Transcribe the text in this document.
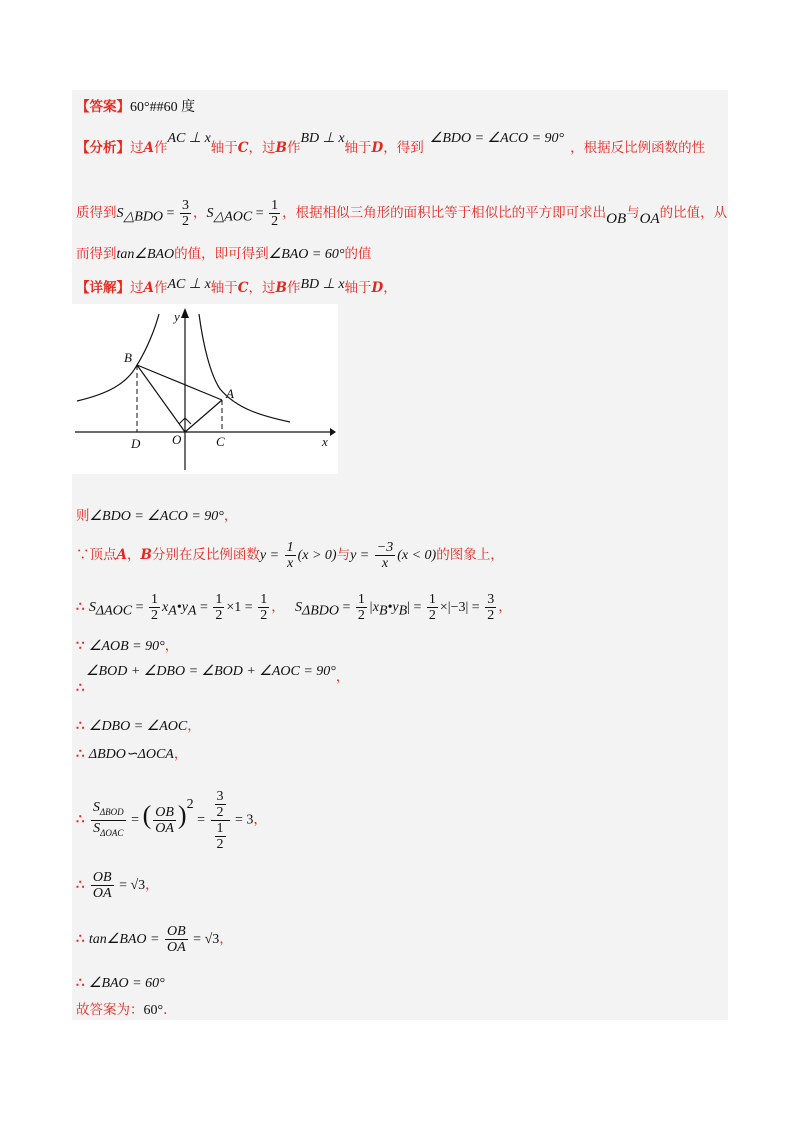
【答案】60°##60 度
【分析】过A作AC ⊥ x轴于C，过B作BD ⊥ x轴于D，得到∠BDO = ∠ACO = 90°，根据反比例函数的性
质得到$S_{\triangle BDO} = \frac{3}{2}$ ，$S_{\triangle AOC} = \frac{1}{2}$ ，根据相似三角形的面积比等于相似比的平方即可求出OB与OA的比值，从
而得到tan∠BAO的值，即可得到∠BAO = 60°的值
【详解】过A作AC ⊥ x轴于C，过B作BD ⊥ x轴于D，
y
x
B
A
D O	C
则∠BDO = ∠ACO = 90°，
∵顶点A，B分别在反比例函数$y = \frac{1}{x} (x > 0)$与$y = \frac{-3}{x} (x < 0)$的图象上，
∴ $S_{\Delta AOC} = \frac{1}{2}$ $x_A•y_A = \frac{1}{2} \times 1 = \frac{1}{2}$ ， $S_{\Delta BDO} = \frac{1}{2}$ $|x_B•y_B| = \frac{1}{2} \times|-3| = \frac{3}{2}$ ，
∵ ∠AOB = 90°，
∠BOD + ∠DBO = ∠BOD + ∠AOC = 90°，
∴
∴ ∠DBO = ∠AOC，
∴ ΔBDO∽ΔOCA，
∴ $\frac{S_{\Delta BOD}}{S_{\Delta OAC}}$ = ( $\frac{OB}{OA} )^2 = \frac{\frac{3}{2}}{\frac{1}{2}} = 3$，
∴ $\frac{OB}{OA} = √3$，
∴ tan∠BAO = $\frac{OB}{OA} = √3$，
∴ ∠BAO = 60°
故答案为：60°.
